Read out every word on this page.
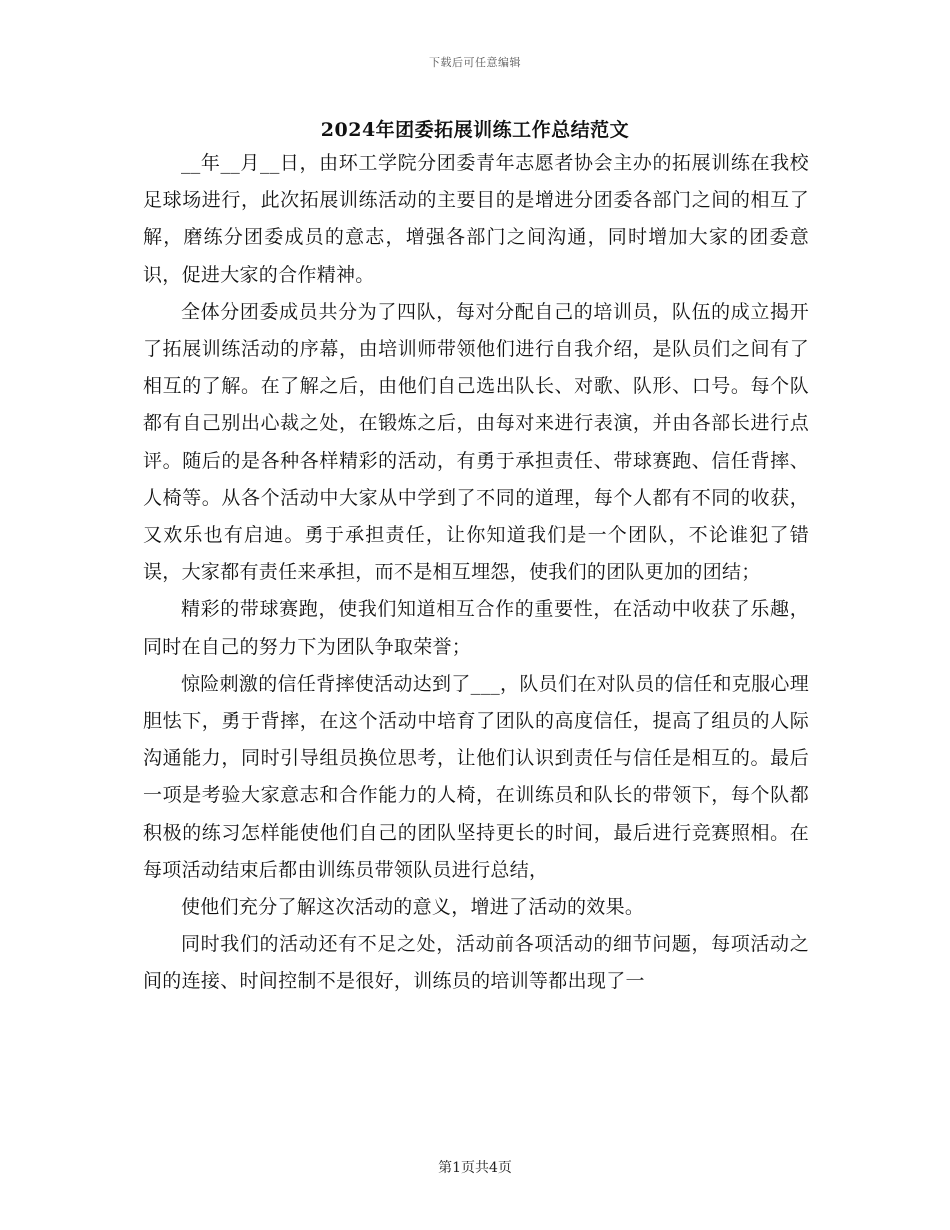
下载后可任意编辑
2024年团委拓展训练工作总结范文

__年__月__日，由环工学院分团委青年志愿者协会主办的拓展训练在我校足球场进行，此次拓展训练活动的主要目的是增进分团委各部门之间的相互了解，磨练分团委成员的意志，增强各部门之间沟通，同时增加大家的团委意识，促进大家的合作精神。

全体分团委成员共分为了四队，每对分配自己的培训员，队伍的成立揭开了拓展训练活动的序幕，由培训师带领他们进行自我介绍，是队员们之间有了相互的了解。在了解之后，由他们自己选出队长、对歌、队形、口号。每个队都有自己别出心裁之处，在锻炼之后，由每对来进行表演，并由各部长进行点评。随后的是各种各样精彩的活动，有勇于承担责任、带球赛跑、信任背摔、人椅等。从各个活动中大家从中学到了不同的道理，每个人都有不同的收获，又欢乐也有启迪。勇于承担责任，让你知道我们是一个团队，不论谁犯了错误，大家都有责任来承担，而不是相互埋怨，使我们的团队更加的团结；

精彩的带球赛跑，使我们知道相互合作的重要性，在活动中收获了乐趣，同时在自己的努力下为团队争取荣誉；

惊险刺激的信任背摔使活动达到了___，队员们在对队员的信任和克服心理胆怯下，勇于背摔，在这个活动中培育了团队的高度信任，提高了组员的人际沟通能力，同时引导组员换位思考，让他们认识到责任与信任是相互的。最后一项是考验大家意志和合作能力的人椅，在训练员和队长的带领下，每个队都积极的练习怎样能使他们自己的团队坚持更长的时间，最后进行竞赛照相。在每项活动结束后都由训练员带领队员进行总结，

使他们充分了解这次活动的意义，增进了活动的效果。

同时我们的活动还有不足之处，活动前各项活动的细节问题，每项活动之间的连接、时间控制不是很好，训练员的培训等都出现了一

第1页共4页
